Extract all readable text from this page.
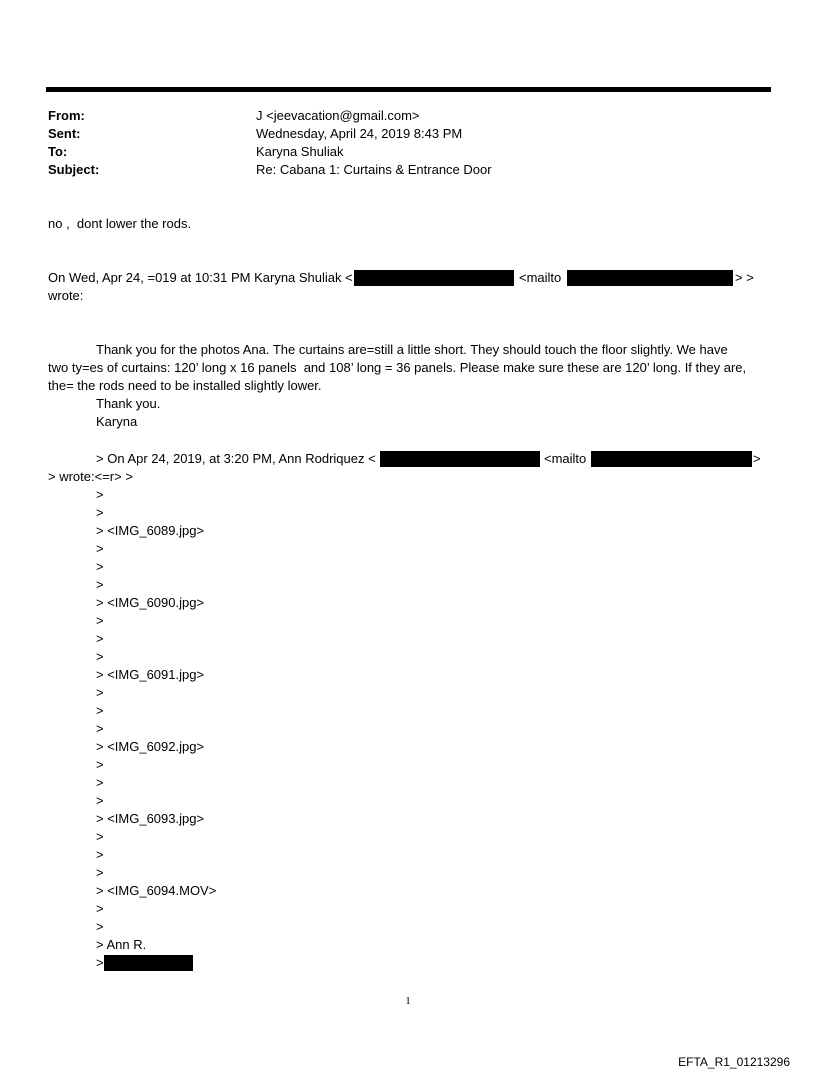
From:	J <jeevacation@gmail.com>
Sent:	Wednesday, April 24, 2019 8:43 PM
To:	Karyna Shuliak
Subject:	Re: Cabana 1: Curtains & Entrance Door
no ,  dont lower the rods.
On Wed, Apr 24, =019 at 10:31 PM Karyna Shuliak <	<mailto	> >
wrote:
Thank you for the photos Ana. The curtains are=still a little short. They should touch the floor slightly. We have
two ty=es of curtains: 120’ long x 16 panels  and 108’ long = 36 panels. Please make sure these are 120’ long. If they are,
the= the rods need to be installed slightly lower.
Thank you.
Karyna
> On Apr 24, 2019, at 3:20 PM, Ann Rodriquez <	<mailto	>
> wrote:<=r> >
>
>
> <IMG_6089.jpg>
>
>
>
> <IMG_6090.jpg>
>
>
>
> <IMG_6091.jpg>
>
>
>
> <IMG_6092.jpg>
>
>
>
> <IMG_6093.jpg>
>
>
>
> <IMG_6094.MOV>
>
>
> Ann R.
>
1
EFTA_R1_01213296
